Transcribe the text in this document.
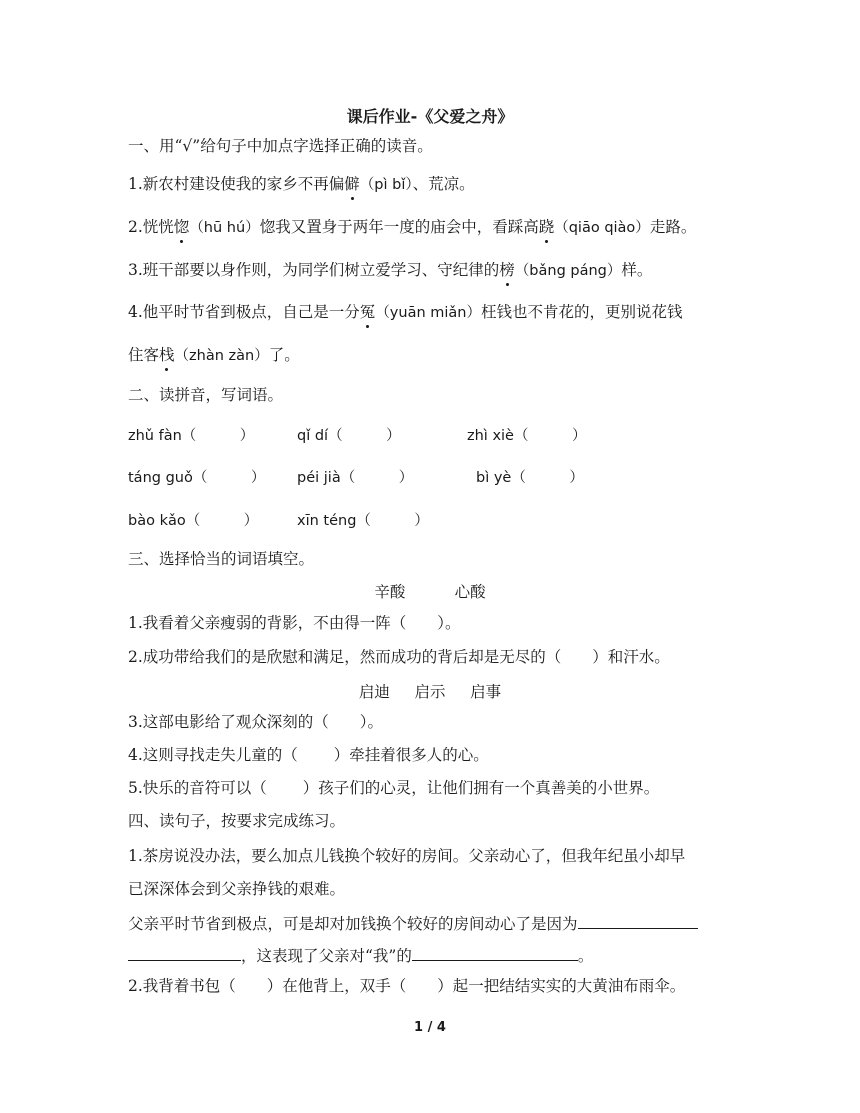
课后作业-《父爱之舟》
一、用“√”给句子中加点字选择正确的读音。
1.新农村建设使我的家乡不再偏僻（pì bǐ）、荒凉。
2.恍恍惚（hū hú）惚我又置身于两年一度的庙会中，看踩高跷（qiāo qiào）走路。
3.班干部要以身作则，为同学们树立爱学习、守纪律的榜（bǎng páng）样。
4.他平时节省到极点，自己是一分冤（yuān miǎn）枉钱也不肯花的，更别说花钱
住客栈（zhàn zàn）了。
二、读拼音，写词语。
zhǔ fàn（　　　）	qǐ dí（　　　）	zhì xiè（　　　）
táng guǒ（　　　） péi jià（　　　）	bì yè（　　　）
bào kǎo（　　　）	xīn téng（　　　）
三、选择恰当的词语填空。
辛酸          心酸
1.我看着父亲瘦弱的背影，不由得一阵（　　）。
2.成功带给我们的是欣慰和满足，然而成功的背后却是无尽的（　　）和汗水。
启迪     启示     启事
3.这部电影给了观众深刻的（　　）。
4.这则寻找走失儿童的（　　 ）牵挂着很多人的心。
5.快乐的音符可以（　　 ）孩子们的心灵，让他们拥有一个真善美的小世界。
四、读句子，按要求完成练习。
1.茶房说没办法，要么加点儿钱换个较好的房间。父亲动心了，但我年纪虽小却早
已深深体会到父亲挣钱的艰难。
父亲平时节省到极点，可是却对加钱换个较好的房间动心了是因为
，这表现了父亲对“我”的	。
2.我背着书包（　　）在他背上，双手（　　）起一把结结实实的大黄油布雨伞。
1 / 4
